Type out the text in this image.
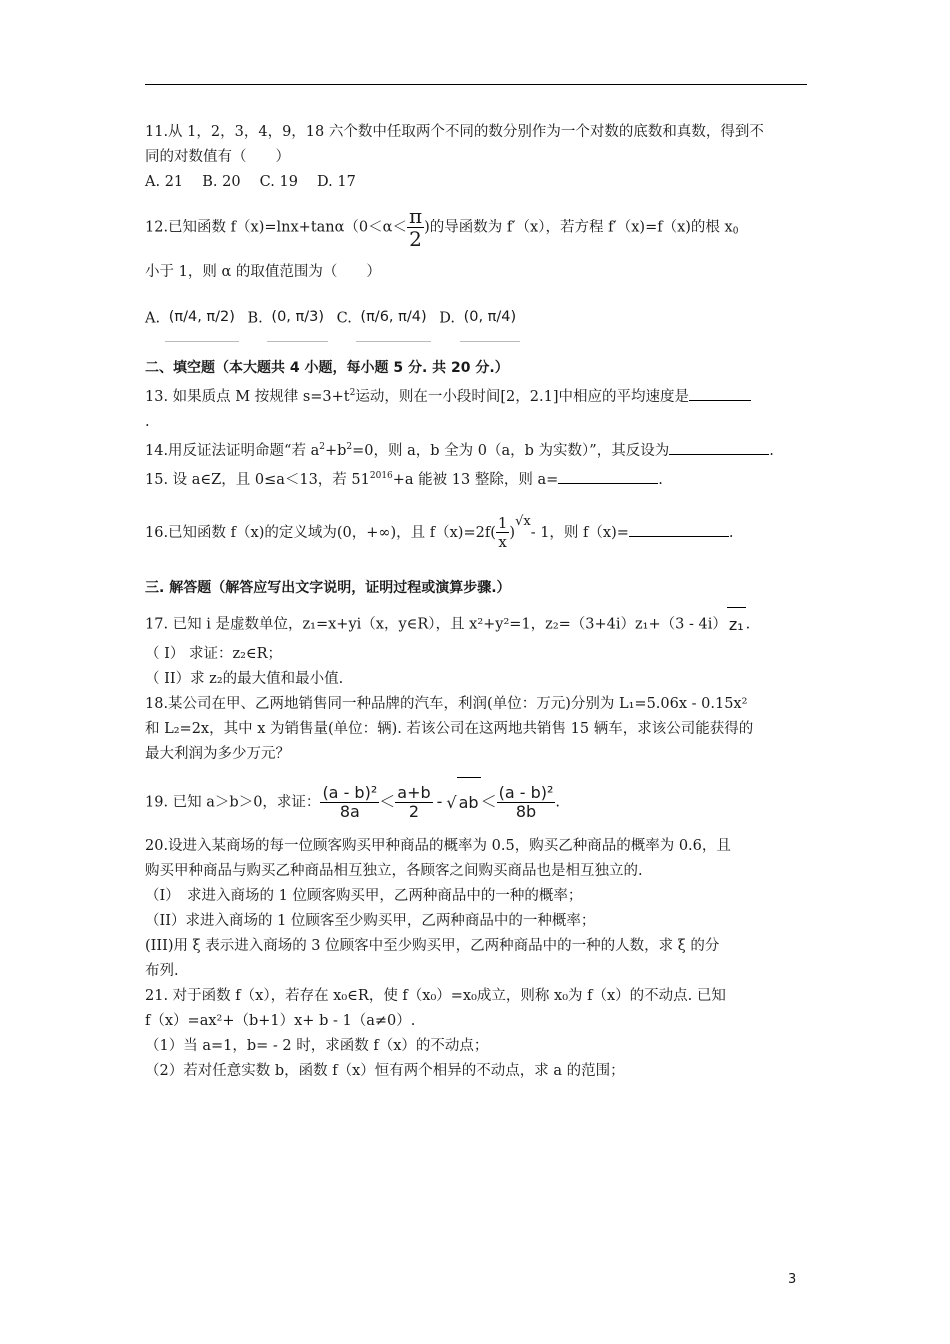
11.从 1，2，3，4，9，18 六个数中任取两个不同的数分别作为一个对数的底数和真数，得到不
同的对数值有（　　）
A. 21　 B. 20　 C. 19　 D. 17
12.已知函数 $f(x)=\ln x+\tan\alpha(0<\alpha< \frac{\pi}{2}$ )的导函数为 f′（x），若方程 f′（x)=f（x)的根 $x_0$
小于 1，则 α 的取值范围为（　　）
A. (π/4, π/2) B. (0, π/3) C. (π/6, π/4) D. (0, π/4)
二、填空题（本大题共 4 小题，每小题 5 分. 共 20 分.）
13. 如果质点 M 按规律 $s=3+t^2$运动，则在一小段时间[2，2.1]中相应的平均速度是
.
14.用反证法证明命题“若 $a^2+b^2=0$，则 a，b 全为 0（a，b 为实数）”，其反设为	.
15. 设 a∈Z，且 0≤a＜13，若 $51^{2016}+a$ 能被 13 整除，则 a=	.
16.已知函数 f（x)的定义域为(0，+∞)，且 $f(x)=2f( \frac{1}{x} )√x-$ 1，则 f（x)=	.
三. 解答题（解答应写出文字说明，证明过程或演算步骤.）
17. 已知 i 是虚数单位，z₁=x+yi（x，y∈R），且 x²+y²=1，z₂=（3+4i）z₁+（3 - 4i） z₁ .
（ I） 求证：z₂∈R；
（ II）求 z₂的最大值和最小值.
18.某公司在甲、乙两地销售同一种品牌的汽车，利润(单位：万元)分别为 L₁=5.06x - 0.15x²
和 L₂=2x，其中 x 为销售量(单位：辆). 若该公司在这两地共销售 15 辆车，求该公司能获得的
最大利润为多少万元？
19. 已知 a＞b＞0，求证： $\frac{\text{(a - b)²}}{8a} < \frac{a+b}{2}$ - √ ab ＜ $\frac{\text{(a - b)²}}{8b}$ .
20.设进入某商场的每一位顾客购买甲种商品的概率为 0.5，购买乙种商品的概率为 0.6，且
购买甲种商品与购买乙种商品相互独立，各顾客之间购买商品也是相互独立的.
（I）　求进入商场的 1 位顾客购买甲，乙两种商品中的一种的概率；
（II）求进入商场的 1 位顾客至少购买甲，乙两种商品中的一种概率；
(III)用 ξ 表示进入商场的 3 位顾客中至少购买甲，乙两种商品中的一种的人数，求 ξ 的分
布列.
21. 对于函数 f（x），若存在 x₀∈R，使 f（x₀）=x₀成立，则称 x₀为 f（x）的不动点. 已知
f（x）=ax²+（b+1）x+ b - 1（a≠0）.
（1）当 a=1，b= - 2 时，求函数 f（x）的不动点；
（2）若对任意实数 b，函数 f（x）恒有两个相异的不动点，求 a 的范围；
3
